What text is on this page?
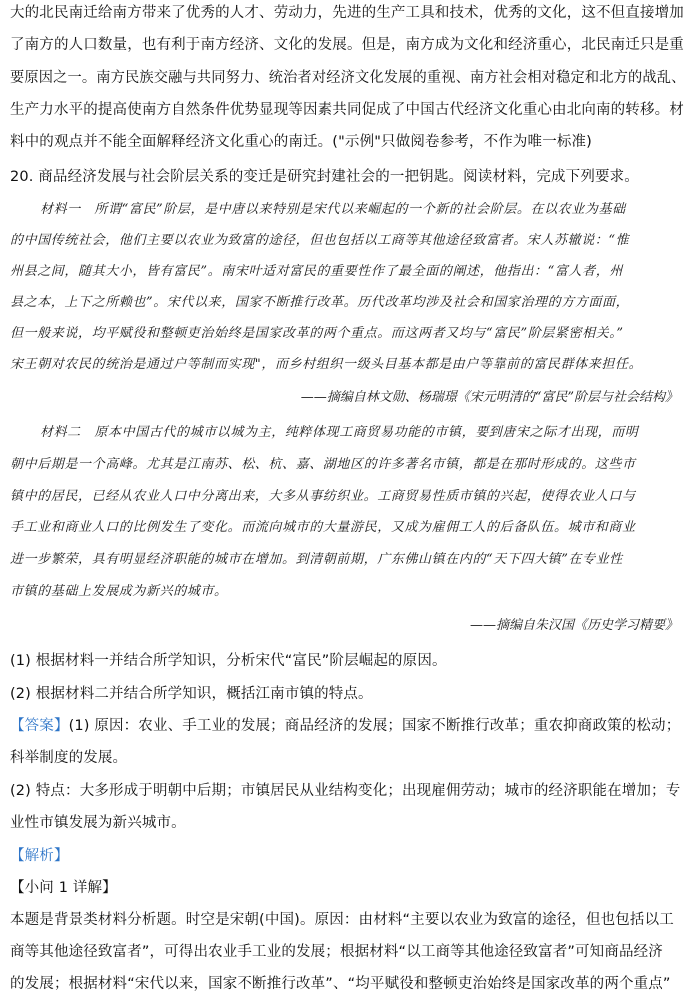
大的北民南迁给南方带来了优秀的人才、劳动力，先进的生产工具和技术，优秀的文化，这不但直接增加
了南方的人口数量，也有利于南方经济、文化的发展。但是，南方成为文化和经济重心，北民南迁只是重
要原因之一。南方民族交融与共同努力、统治者对经济文化发展的重视、南方社会相对稳定和北方的战乱、
生产力水平的提高使南方自然条件优势显现等因素共同促成了中国古代经济文化重心由北向南的转移。材
料中的观点并不能全面解释经济文化重心的南迁。("示例"只做阅卷参考，不作为唯一标准)
20. 商品经济发展与社会阶层关系的变迁是研究封建社会的一把钥匙。阅读材料，完成下列要求。
材料一　所谓“富民”阶层，是中唐以来特别是宋代以来崛起的一个新的社会阶层。在以农业为基础
的中国传统社会，他们主要以农业为致富的途径，但也包括以工商等其他途径致富者。宋人苏辙说：“惟
州县之间，随其大小，皆有富民”。南宋叶适对富民的重要性作了最全面的阐述，他指出：“富人者，州
县之本，上下之所赖也”。宋代以来，国家不断推行改革。历代改革均涉及社会和国家治理的方方面面，
但一般来说，均平赋役和整顿吏治始终是国家改革的两个重点。而这两者又均与“富民”阶层紧密相关。”
宋王朝对农民的统治是通过户等制而实现"，而乡村组织一级头目基本都是由户等靠前的富民群体来担任。
——摘编自林文勋、杨瑞璟《宋元明清的“富民”阶层与社会结构》
材料二　原本中国古代的城市以城为主，纯粹体现工商贸易功能的市镇，要到唐宋之际才出现，而明
朝中后期是一个高峰。尤其是江南苏、松、杭、嘉、湖地区的许多著名市镇，都是在那时形成的。这些市
镇中的居民，已经从农业人口中分离出来，大多从事纺织业。工商贸易性质市镇的兴起，使得农业人口与
手工业和商业人口的比例发生了变化。而流向城市的大量游民，又成为雇佣工人的后备队伍。城市和商业
进一步繁荣，具有明显经济职能的城市在增加。到清朝前期，广东佛山镇在内的“天下四大镇”在专业性
市镇的基础上发展成为新兴的城市。
——摘编自朱汉国《历史学习精要》
(1) 根据材料一并结合所学知识，分析宋代“富民”阶层崛起的原因。
(2) 根据材料二并结合所学知识，概括江南市镇的特点。
【答案】(1) 原因：农业、手工业的发展；商品经济的发展；国家不断推行改革；重农抑商政策的松动；
科举制度的发展。
(2) 特点：大多形成于明朝中后期；市镇居民从业结构变化；出现雇佣劳动；城市的经济职能在增加；专
业性市镇发展为新兴城市。
【解析】
【小问 1 详解】
本题是背景类材料分析题。时空是宋朝(中国)。原因：由材料“主要以农业为致富的途径，但也包括以工
商等其他途径致富者”，可得出农业手工业的发展；根据材料“以工商等其他途径致富者”可知商品经济
的发展；根据材料“宋代以来，国家不断推行改革”、“均平赋役和整顿吏治始终是国家改革的两个重点”
